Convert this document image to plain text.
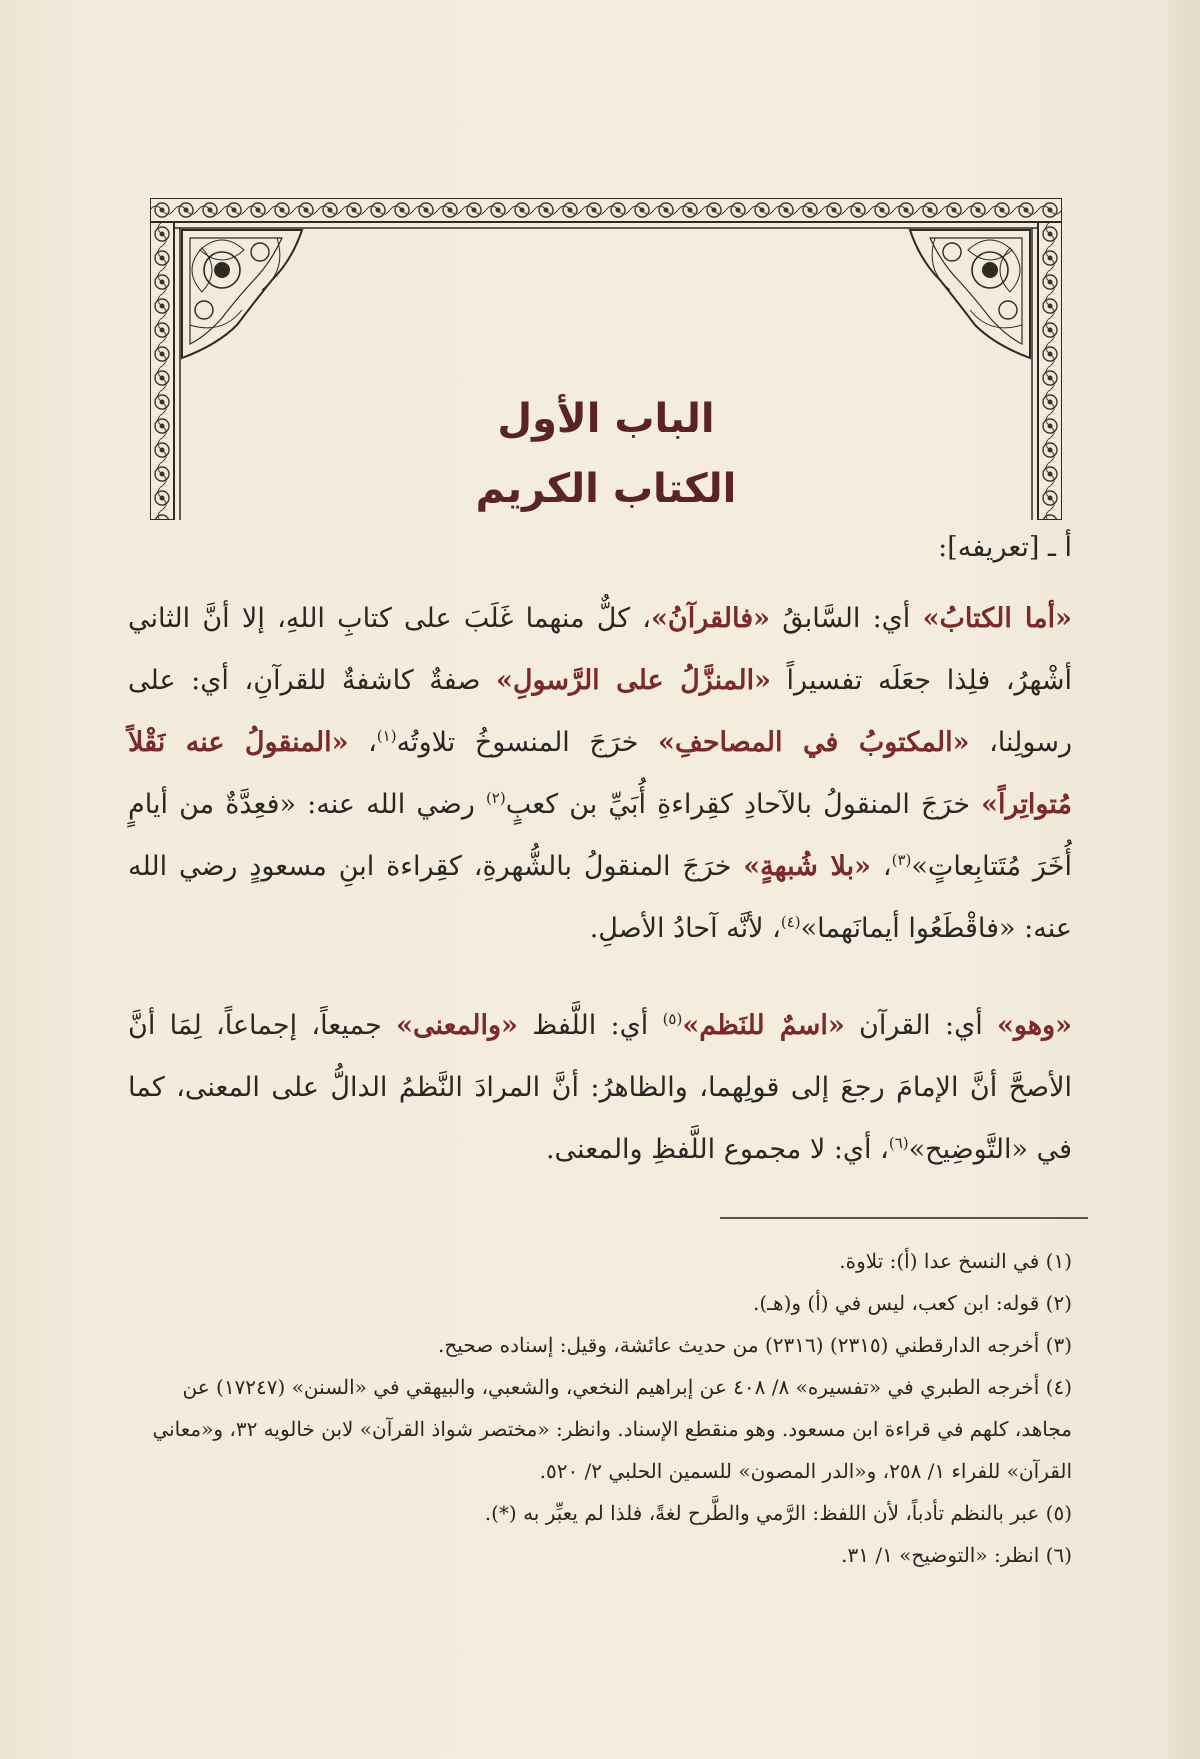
الباب الأول
الكتاب الكريم
أ ـ [تعريفه]:
«أما الكتابُ» أي: السَّابقُ «فالقرآنُ»، كلٌّ منهما غَلَبَ على كتابِ اللهِ، إلا أنَّ الثاني أشْهرُ، فلِذا جعَلَه تفسيراً «المنزَّلُ على الرَّسولِ» صفةٌ كاشفةٌ للقرآنِ، أي: على رسولِنا، «المكتوبُ في المصاحفِ» خرَجَ المنسوخُ تلاوتُه$^{(١)}$، «المنقولُ عنه نَقْلاً مُتواتِراً» خرَجَ المنقولُ بالآحادِ كقِراءةِ أُبَيِّ بن كعبٍ$^{(٢)}$ رضي الله عنه: «فعِدَّةٌ من أيامٍ أُخَرَ مُتَتابِعاتٍ»$^{(٣)}$، «بلا شُبهةٍ» خرَجَ المنقولُ بالشُّهرةِ، كقِراءة ابنِ مسعودٍ رضي الله عنه: «فاقْطَعُوا أيمانَهما»$^{(٤)}$، لأنَّه آحادُ الأصلِ.
«وهو» أي: القرآن «اسمٌ للنَظم»$^{(٥)}$ أي: اللَّفظ «والمعنى» جميعاً، إجماعاً، لِمَا أنَّ الأصحَّ أنَّ الإمامَ رجعَ إلى قولِهما، والظاهرُ: أنَّ المرادَ النَّظمُ الدالُّ على المعنى، كما في «التَّوضِيح»$^{(٦)}$، أي: لا مجموع اللَّفظِ والمعنى.

(١) في النسخ عدا (أ): تلاوة.

(٢) قوله: ابن كعب، ليس في (أ) و(هـ).

(٣) أخرجه الدارقطني (٢٣١٥) (٢٣١٦) من حديث عائشة، وقيل: إسناده صحيح.

(٤) أخرجه الطبري في «تفسيره» ٨/ ٤٠٨ عن إبراهيم النخعي، والشعبي، والبيهقي في «السنن» (١٧٢٤٧) عن مجاهد، كلهم في قراءة ابن مسعود. وهو منقطع الإسناد. وانظر: «مختصر شواذ القرآن» لابن خالويه ٣٢، و«معاني القرآن» للفراء ١/ ٢٥٨، و«الدر المصون» للسمين الحلبي ٢/ ٥٢٠.

(٥) عبر بالنظم تأدباً، لأن اللفظ: الرَّمي والطَّرح لغةً، فلذا لم يعبِّر به (*).

(٦) انظر: «التوضيح» ١/ ٣١.
